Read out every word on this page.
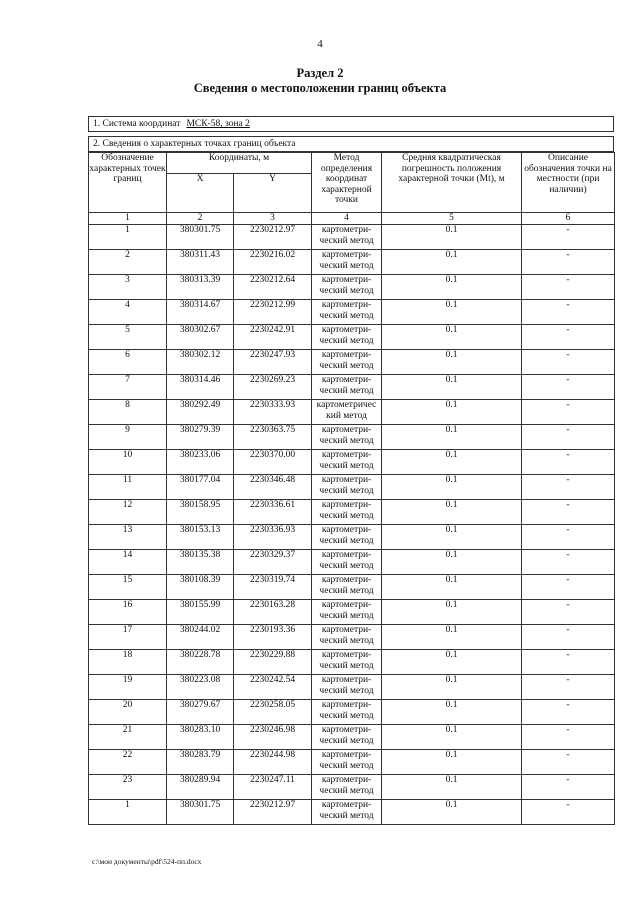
4
Раздел 2
Сведения о местоположении границ объекта
1. Система координат МСК-58, зона 2
2. Сведения о характерных точках границ объекта
Обозначение характерных точек границ	Координаты, м		Метод определения координат характерной точки	Средняя квадратическая погрешность положения характерной точки (Mt), м	Описание обозначения точки на местности (при наличии)
	X	Y			
1	2	3	4	5	6
1	380301.75	2230212.97	картометри-ческий метод	0.1	-
2	380311.43	2230216.02	картометри-ческий метод	0.1	-
3	380313.39	2230212.64	картометри-ческий метод	0.1	-
4	380314.67	2230212.99	картометри-ческий метод	0.1	-
5	380302.67	2230242.91	картометри-ческий метод	0.1	-
6	380302.12	2230247.93	картометри-ческий метод	0.1	-
7	380314.46	2230269.23	картометри-ческий метод	0.1	-
8	380292.49	2230333.93	картометричес кий метод	0.1	-
9	380279.39	2230363.75	картометри-ческий метод	0.1	-
10	380233.06	2230370.00	картометри-ческий метод	0.1	-
11	380177.04	2230346.48	картометри-ческий метод	0.1	-
12	380158.95	2230336.61	картометри-ческий метод	0.1	-
13	380153.13	2230336.93	картометри-ческий метод	0.1	-
14	380135.38	2230329.37	картометри-ческий метод	0.1	-
15	380108.39	2230319.74	картометри-ческий метод	0.1	-
16	380155.99	2230163.28	картометри-ческий метод	0.1	-
17	380244.02	2230193.36	картометри-ческий метод	0.1	-
18	380228.78	2230229.88	картометри-ческий метод	0.1	-
19	380223.08	2230242.54	картометри-ческий метод	0.1	-
20	380279.67	2230258.05	картометри-ческий метод	0.1	-
21	380283.10	2230246.98	картометри-ческий метод	0.1	-
22	380283.79	2230244.98	картометри-ческий метод	0.1	-
23	380289.94	2230247.11	картометри-ческий метод	0.1	-
1	380301.75	2230212.97	картометри-ческий метод	0.1	-
c:\мои документы\pdf\524-пп.docx
